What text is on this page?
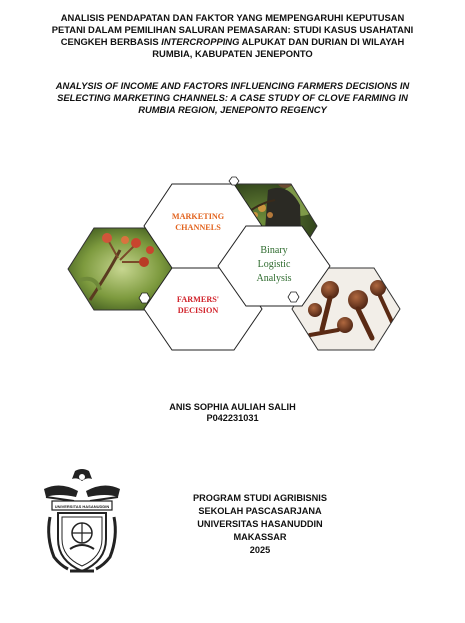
ANALISIS PENDAPATAN DAN FAKTOR YANG MEMPENGARUHI KEPUTUSAN
PETANI DALAM PEMILIHAN SALURAN PEMASARAN: STUDI KASUS USAHATANI
CENGKEH BERBASIS INTERCROPPING ALPUKAT DAN DURIAN DI WILAYAH
RUMBIA, KABUPATEN JENEPONTO
ANALYSIS OF INCOME AND FACTORS INFLUENCING FARMERS DECISIONS IN
SELECTING MARKETING CHANNELS: A CASE STUDY OF CLOVE FARMING IN
RUMBIA REGION, JENEPONTO REGENCY
MARKETING
CHANNELS
FARMERS'
DECISION
Binary
Logistic
Analysis
ANIS SOPHIA AULIAH SALIH
P042231031
UNIVERSITAS HASANUDDIN
PROGRAM STUDI AGRIBISNIS
SEKOLAH PASCASARJANA
UNIVERSITAS HASANUDDIN
MAKASSAR
2025
